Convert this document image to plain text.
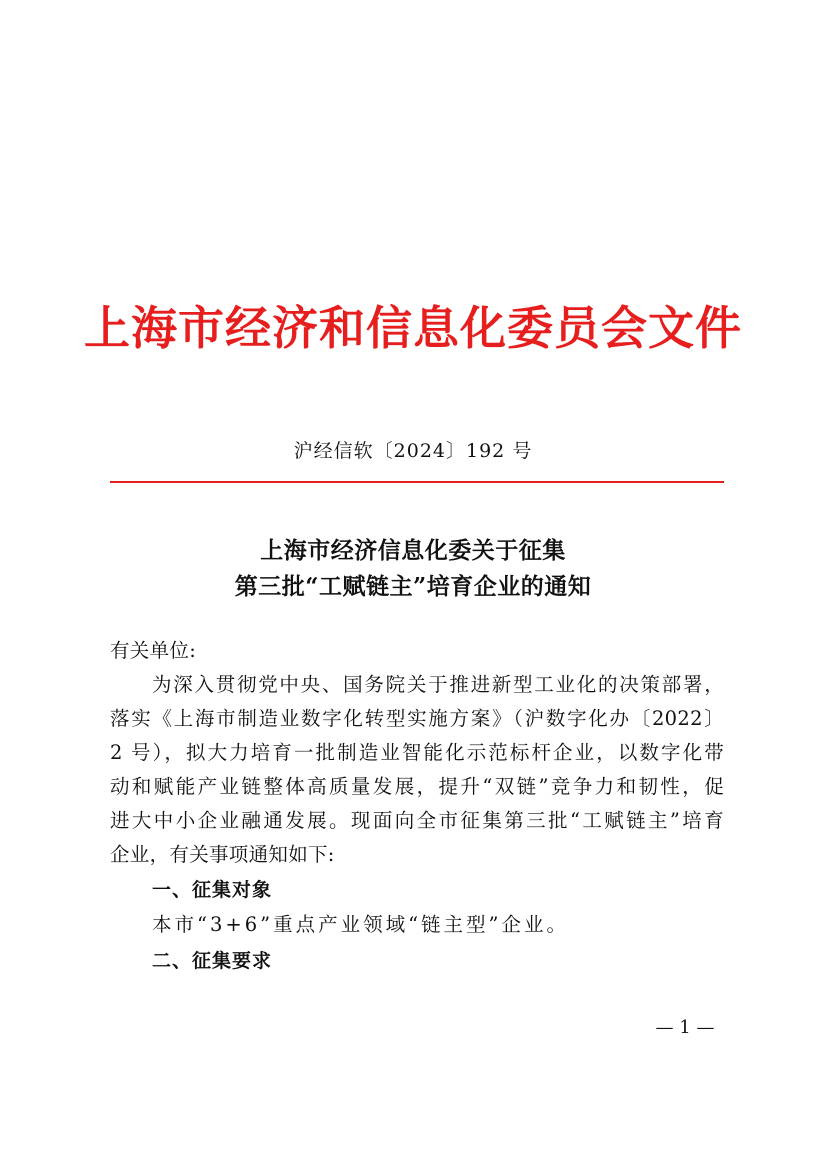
上海市经济和信息化委员会文件
沪经信软〔2024〕192 号
上海市经济信息化委关于征集
第三批“工赋链主”培育企业的通知
有关单位:
为深入贯彻党中央、国务院关于推进新型工业化的决策部署，
落实《上海市制造业数字化转型实施方案》（沪数字化办〔2022〕
2 号），拟大力培育一批制造业智能化示范标杆企业，以数字化带
动和赋能产业链整体高质量发展，提升“双链”竞争力和韧性，促
进大中小企业融通发展。现面向全市征集第三批“工赋链主”培育
企业，有关事项通知如下:
一、征集对象
本市“3+6”重点产业领域“链主型”企业。
二、征集要求
— 1 —
